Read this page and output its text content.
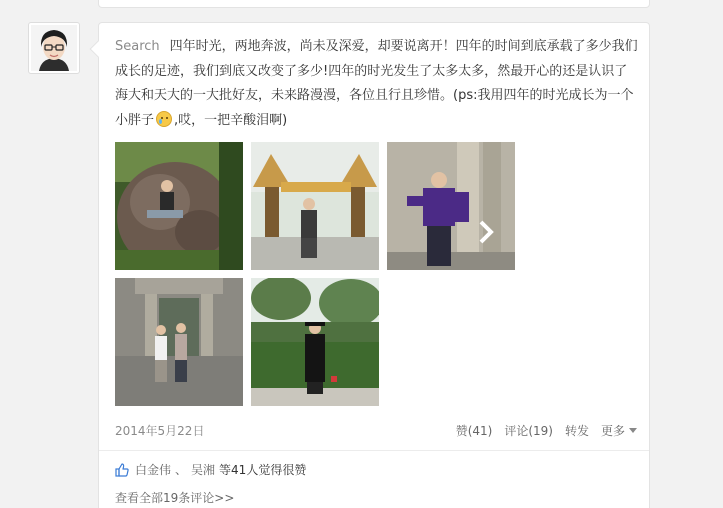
Search 四年时光，两地奔波，尚未及深爱，却要说离开！四年的时间到底承载了多少我们成长的足迹，我们到底又改变了多少!四年的时光发生了太多太多，然最开心的还是认识了海大和天大的一大批好友，未来路漫漫，各位且行且珍惜。(ps:我用四年的时光成长为一个小胖子 ,哎，一把辛酸泪啊)
2014年5月22日	赞(41) 评论(19) 转发 更多
白金伟 、 吴湘 等41人觉得很赞
查看全部19条评论>>
